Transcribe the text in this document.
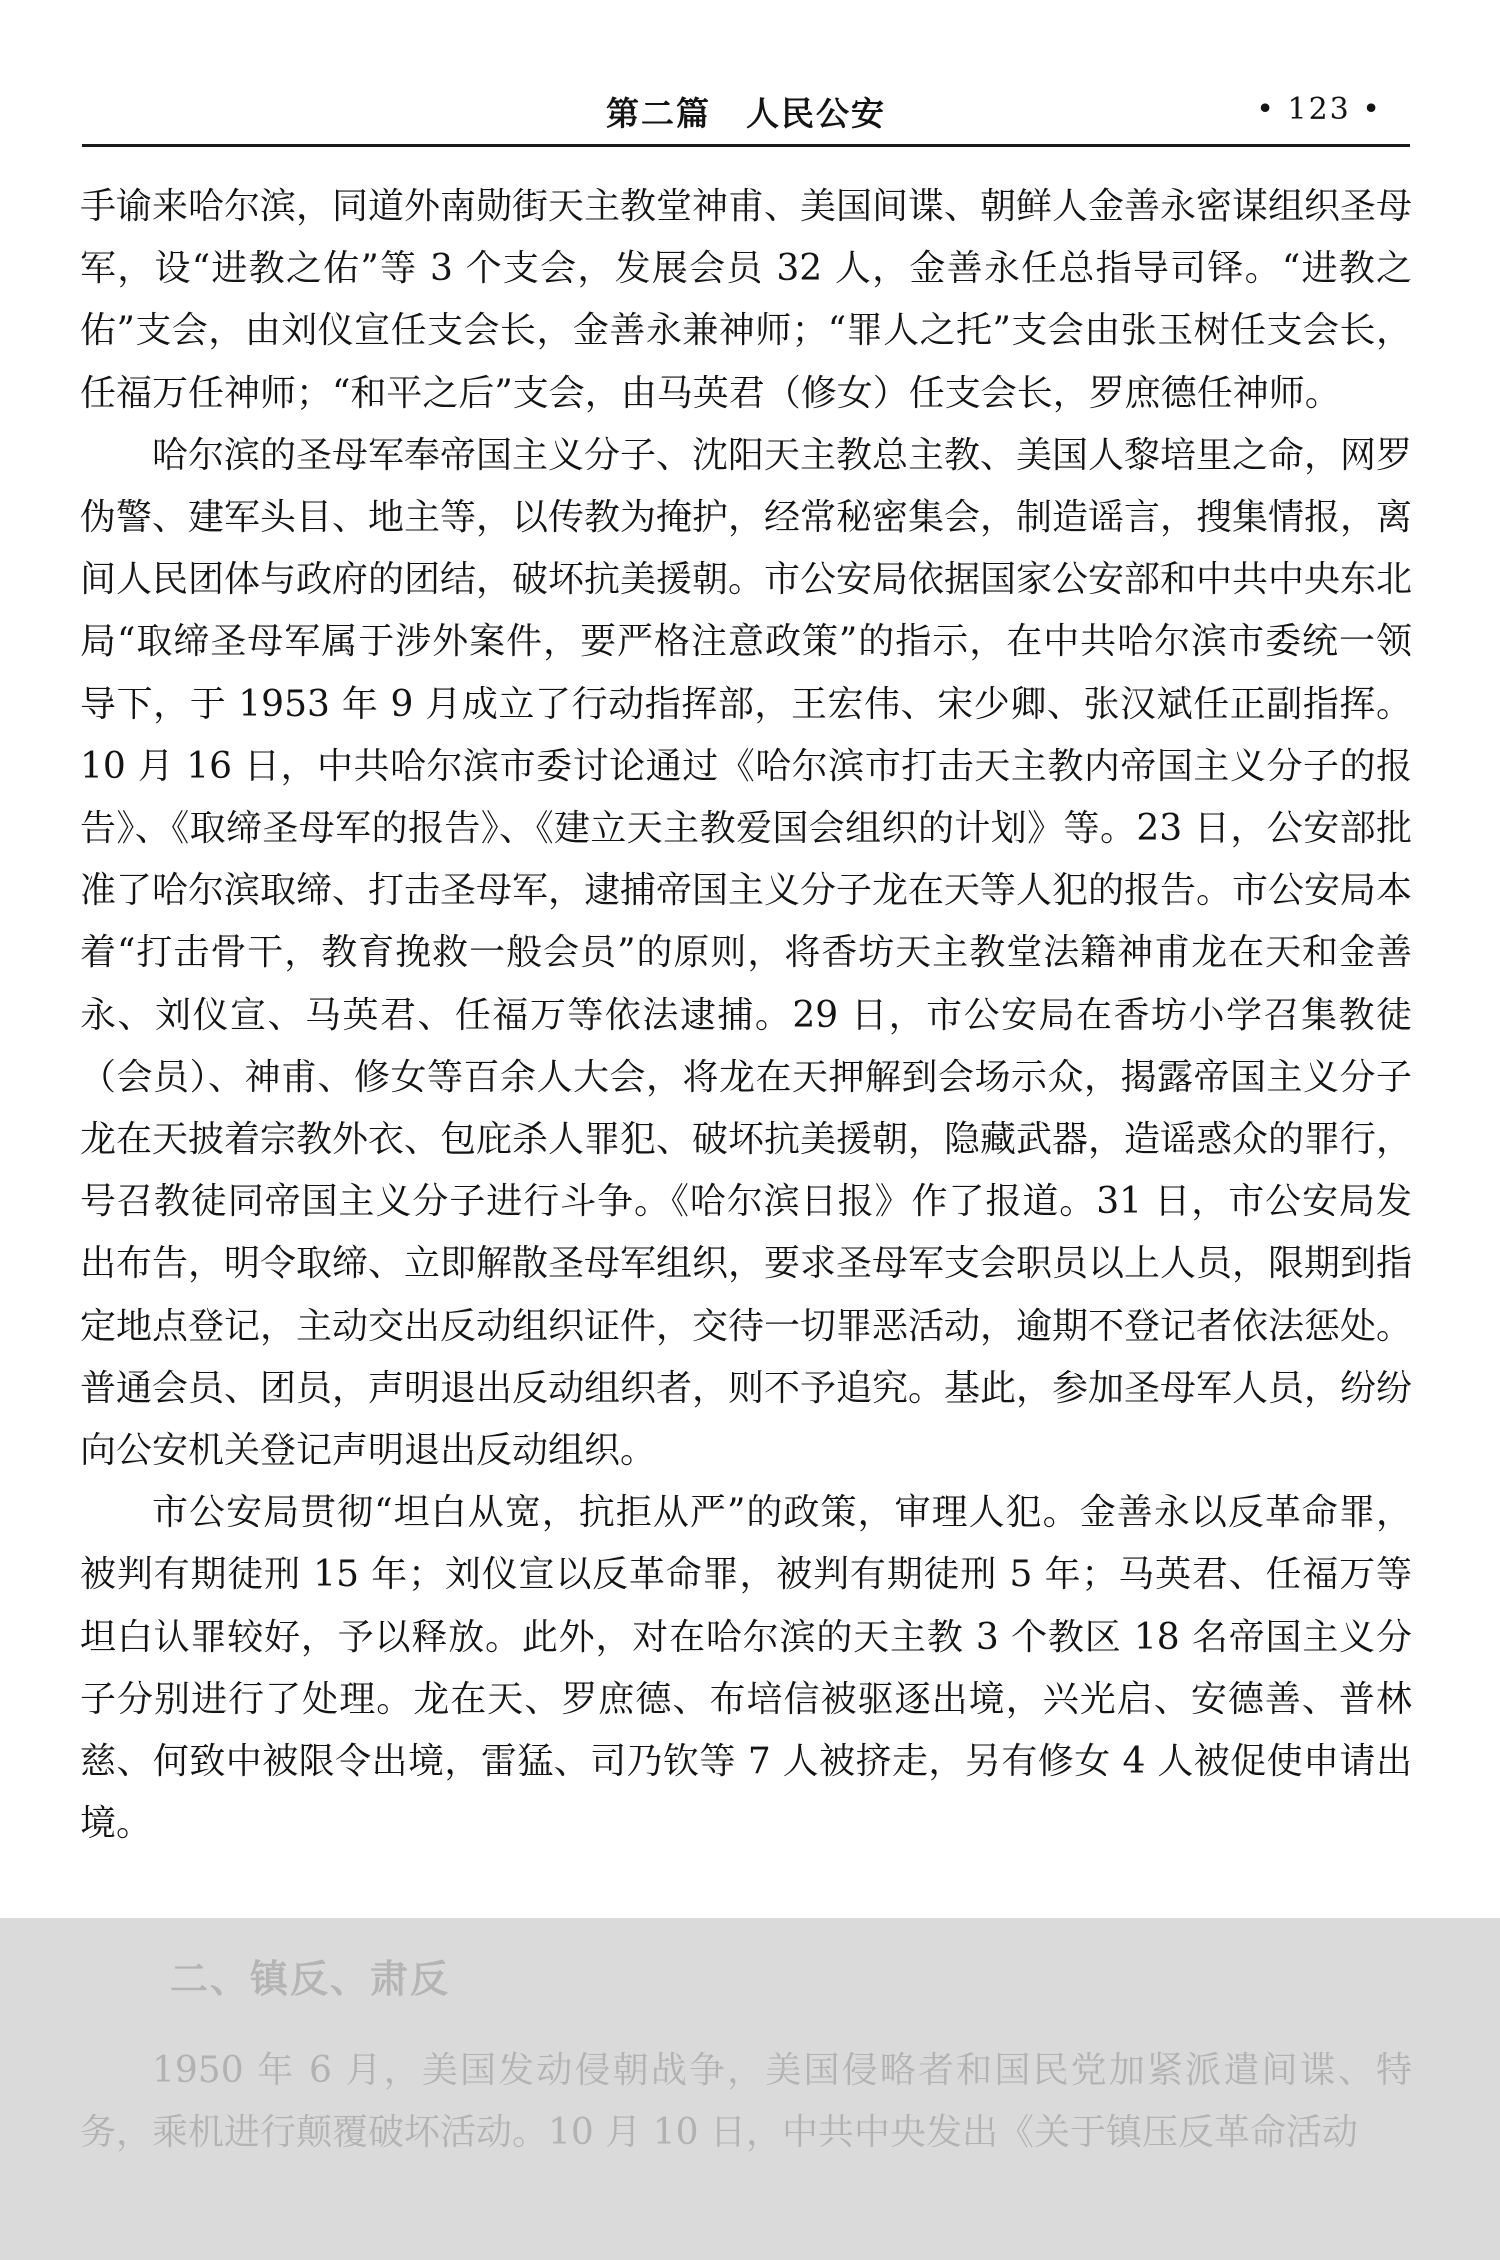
第二篇　人民公安	• 123 •

手谕来哈尔滨，同道外南勋街天主教堂神甫、美国间谍、朝鲜人金善永密谋组织圣母军，设“进教之佑”等 3 个支会，发展会员 32 人，金善永任总指导司铎。“进教之佑”支会，由刘仪宣任支会长，金善永兼神师；“罪人之托”支会由张玉树任支会长，任福万任神师；“和平之后”支会，由马英君（修女）任支会长，罗庶德任神师。

哈尔滨的圣母军奉帝国主义分子、沈阳天主教总主教、美国人黎培里之命，网罗伪警、建军头目、地主等，以传教为掩护，经常秘密集会，制造谣言，搜集情报，离间人民团体与政府的团结，破坏抗美援朝。市公安局依据国家公安部和中共中央东北局“取缔圣母军属于涉外案件，要严格注意政策”的指示，在中共哈尔滨市委统一领导下，于 1953 年 9 月成立了行动指挥部，王宏伟、宋少卿、张汉斌任正副指挥。10 月 16 日，中共哈尔滨市委讨论通过《哈尔滨市打击天主教内帝国主义分子的报告》、《取缔圣母军的报告》、《建立天主教爱国会组织的计划》等。23 日，公安部批准了哈尔滨取缔、打击圣母军，逮捕帝国主义分子龙在天等人犯的报告。市公安局本着“打击骨干，教育挽救一般会员”的原则，将香坊天主教堂法籍神甫龙在天和金善永、刘仪宣、马英君、任福万等依法逮捕。29 日，市公安局在香坊小学召集教徒（会员）、神甫、修女等百余人大会，将龙在天押解到会场示众，揭露帝国主义分子龙在天披着宗教外衣、包庇杀人罪犯、破坏抗美援朝，隐藏武器，造谣惑众的罪行，号召教徒同帝国主义分子进行斗争。《哈尔滨日报》作了报道。31 日，市公安局发出布告，明令取缔、立即解散圣母军组织，要求圣母军支会职员以上人员，限期到指定地点登记，主动交出反动组织证件，交待一切罪恶活动，逾期不登记者依法惩处。普通会员、团员，声明退出反动组织者，则不予追究。基此，参加圣母军人员，纷纷向公安机关登记声明退出反动组织。

市公安局贯彻“坦白从宽，抗拒从严”的政策，审理人犯。金善永以反革命罪，被判有期徒刑 15 年；刘仪宣以反革命罪，被判有期徒刑 5 年；马英君、任福万等坦白认罪较好，予以释放。此外，对在哈尔滨的天主教 3 个教区 18 名帝国主义分子分别进行了处理。龙在天、罗庶德、布培信被驱逐出境，兴光启、安德善、普林慈、何致中被限令出境，雷猛、司乃钦等 7 人被挤走，另有修女 4 人被促使申请出境。

二、镇反、肃反

1950 年 6 月，美国发动侵朝战争，美国侵略者和国民党加紧派遣间谍、特务，乘机进行颠覆破坏活动。10 月 10 日，中共中央发出《关于镇压反革命活动
